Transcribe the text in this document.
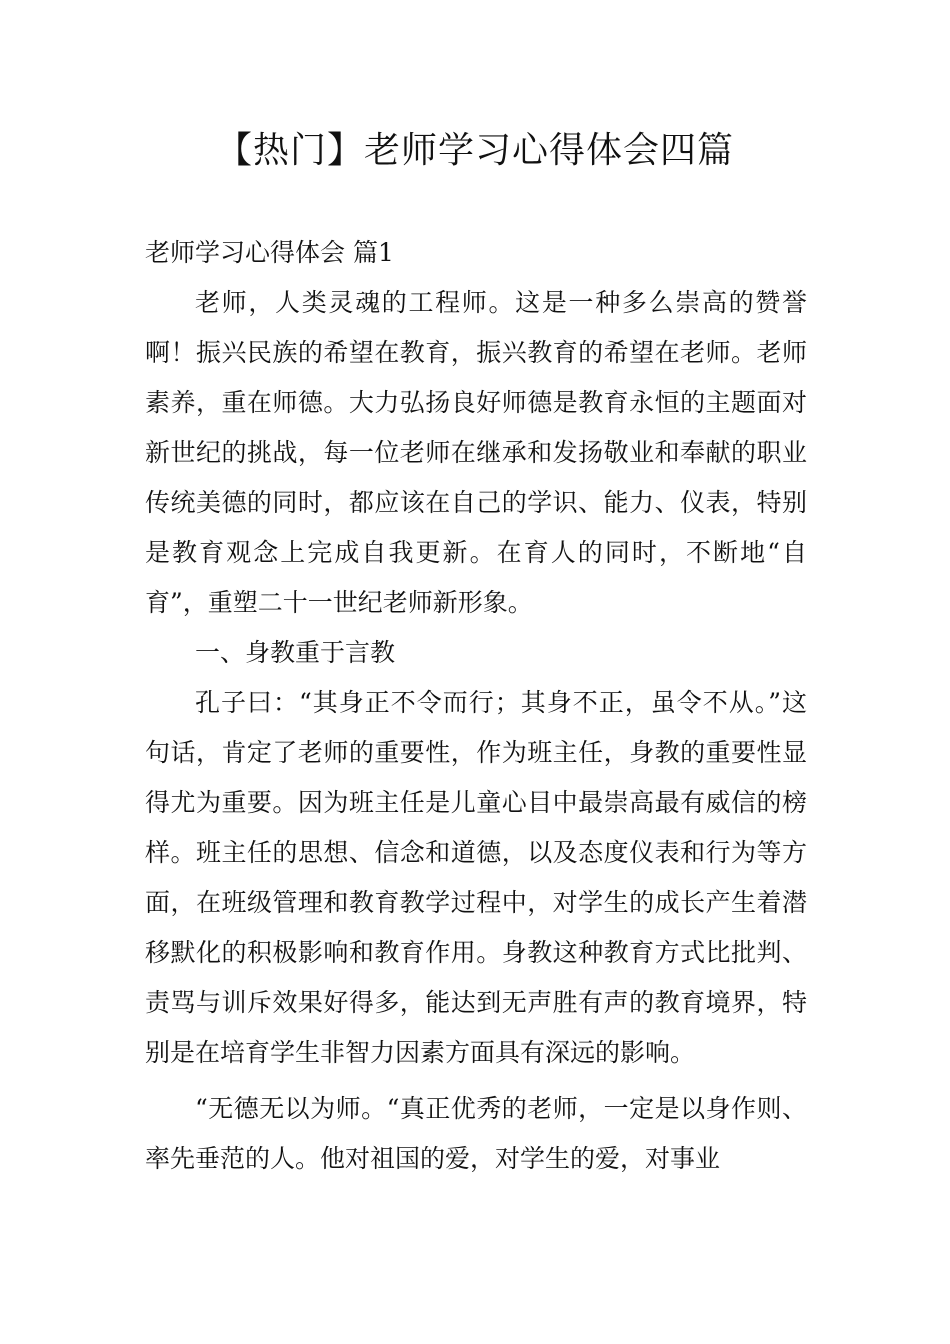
【热门】老师学习心得体会四篇

老师学习心得体会 篇1

老师，人类灵魂的工程师。这是一种多么崇高的赞誉啊！振兴民族的希望在教育，振兴教育的希望在老师。老师素养，重在师德。大力弘扬良好师德是教育永恒的主题面对新世纪的挑战，每一位老师在继承和发扬敬业和奉献的职业传统美德的同时，都应该在自己的学识、能力、仪表，特别是教育观念上完成自我更新。在育人的同时，不断地“自育”，重塑二十一世纪老师新形象。

一、身教重于言教

孔子曰：“其身正不令而行；其身不正，虽令不从。”这句话，肯定了老师的重要性，作为班主任，身教的重要性显得尤为重要。因为班主任是儿童心目中最崇高最有威信的榜样。班主任的思想、信念和道德，以及态度仪表和行为等方面，在班级管理和教育教学过程中，对学生的成长产生着潜移默化的积极影响和教育作用。身教这种教育方式比批判、责骂与训斥效果好得多，能达到无声胜有声的教育境界，特别是在培育学生非智力因素方面具有深远的影响。

“无德无以为师。“真正优秀的老师，一定是以身作则、率先垂范的人。他对祖国的爱，对学生的爱，对事业
